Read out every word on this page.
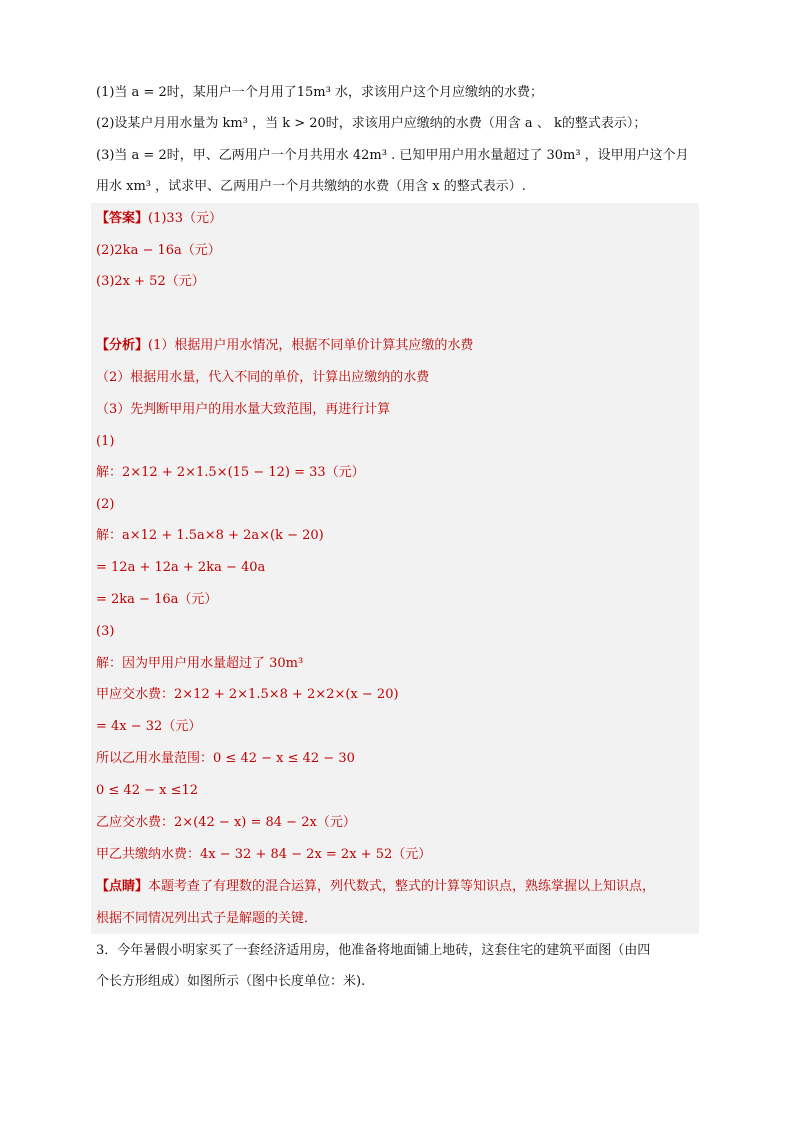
(1)当 a = 2时，某用户一个月用了15m³ 水，求该用户这个月应缴纳的水费；
(2)设某户月用水量为 km³ ，当 k > 20时，求该用户应缴纳的水费（用含 a 、 k的整式表示）；
(3)当 a = 2时，甲、乙两用户一个月共用水 42m³ . 已知甲用户用水量超过了 30m³ ，设甲用户这个月
用水 xm³ ，试求甲、乙两用户一个月共缴纳的水费（用含 x 的整式表示）.
【答案】(1)33（元）
(2)2ka − 16a（元）
(3)2x + 52（元）
【分析】(1）根据用户用水情况，根据不同单价计算其应缴的水费
（2）根据用水量，代入不同的单价，计算出应缴纳的水费
（3）先判断甲用户的用水量大致范围，再进行计算
(1)
解：2×12 + 2×1.5×(15 − 12) = 33（元）
(2)
解：a×12 + 1.5a×8 + 2a×(k − 20)
= 12a + 12a + 2ka − 40a
= 2ka − 16a（元）
(3)
解：因为甲用户用水量超过了 30m³
甲应交水费：2×12 + 2×1.5×8 + 2×2×(x − 20)
= 4x − 32（元）
所以乙用水量范围：0 ≤ 42 − x ≤ 42 − 30
0 ≤ 42 − x ≤12
乙应交水费：2×(42 − x) = 84 − 2x（元）
甲乙共缴纳水费：4x − 32 + 84 − 2x = 2x + 52（元）
【点睛】本题考查了有理数的混合运算，列代数式，整式的计算等知识点，熟练掌握以上知识点，
根据不同情况列出式子是解题的关键．
3．今年暑假小明家买了一套经济适用房，他准备将地面铺上地砖，这套住宅的建筑平面图（由四
个长方形组成）如图所示（图中长度单位：米).
